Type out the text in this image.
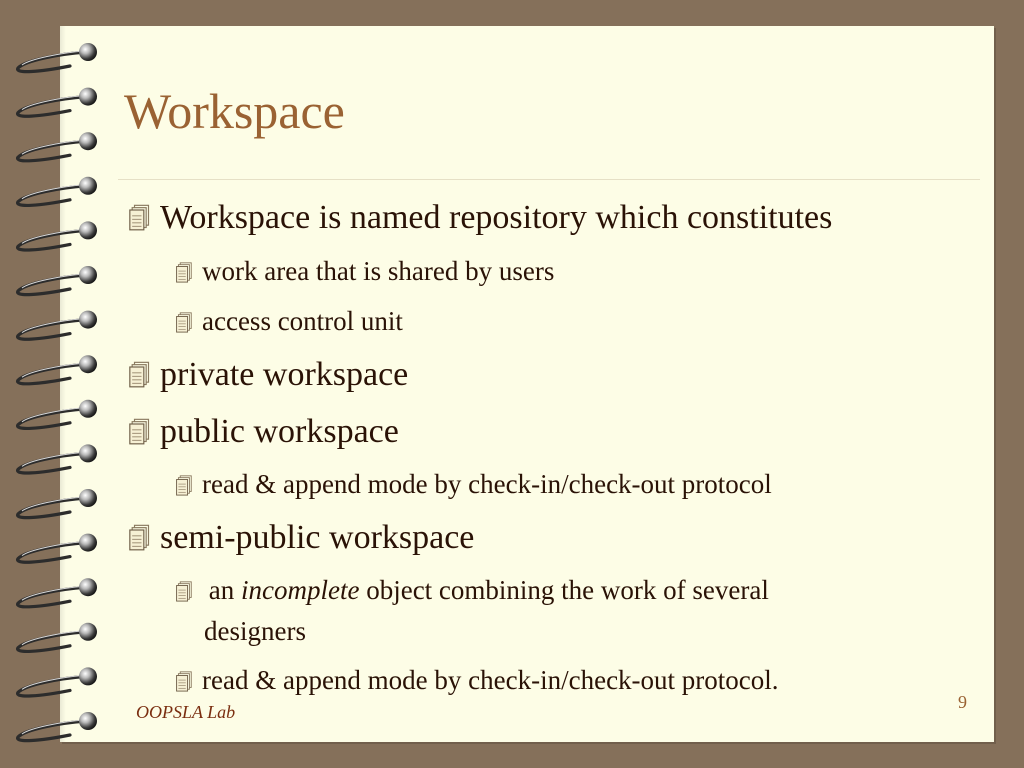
Workspace
Workspace is named repository which constitutes
work area that is shared by users
access control unit
private workspace
public workspace
read & append mode by check-in/check-out protocol
semi-public workspace
an incomplete object combining the work of several
designers
read & append mode by check-in/check-out protocol.
OOPSLA Lab	9
